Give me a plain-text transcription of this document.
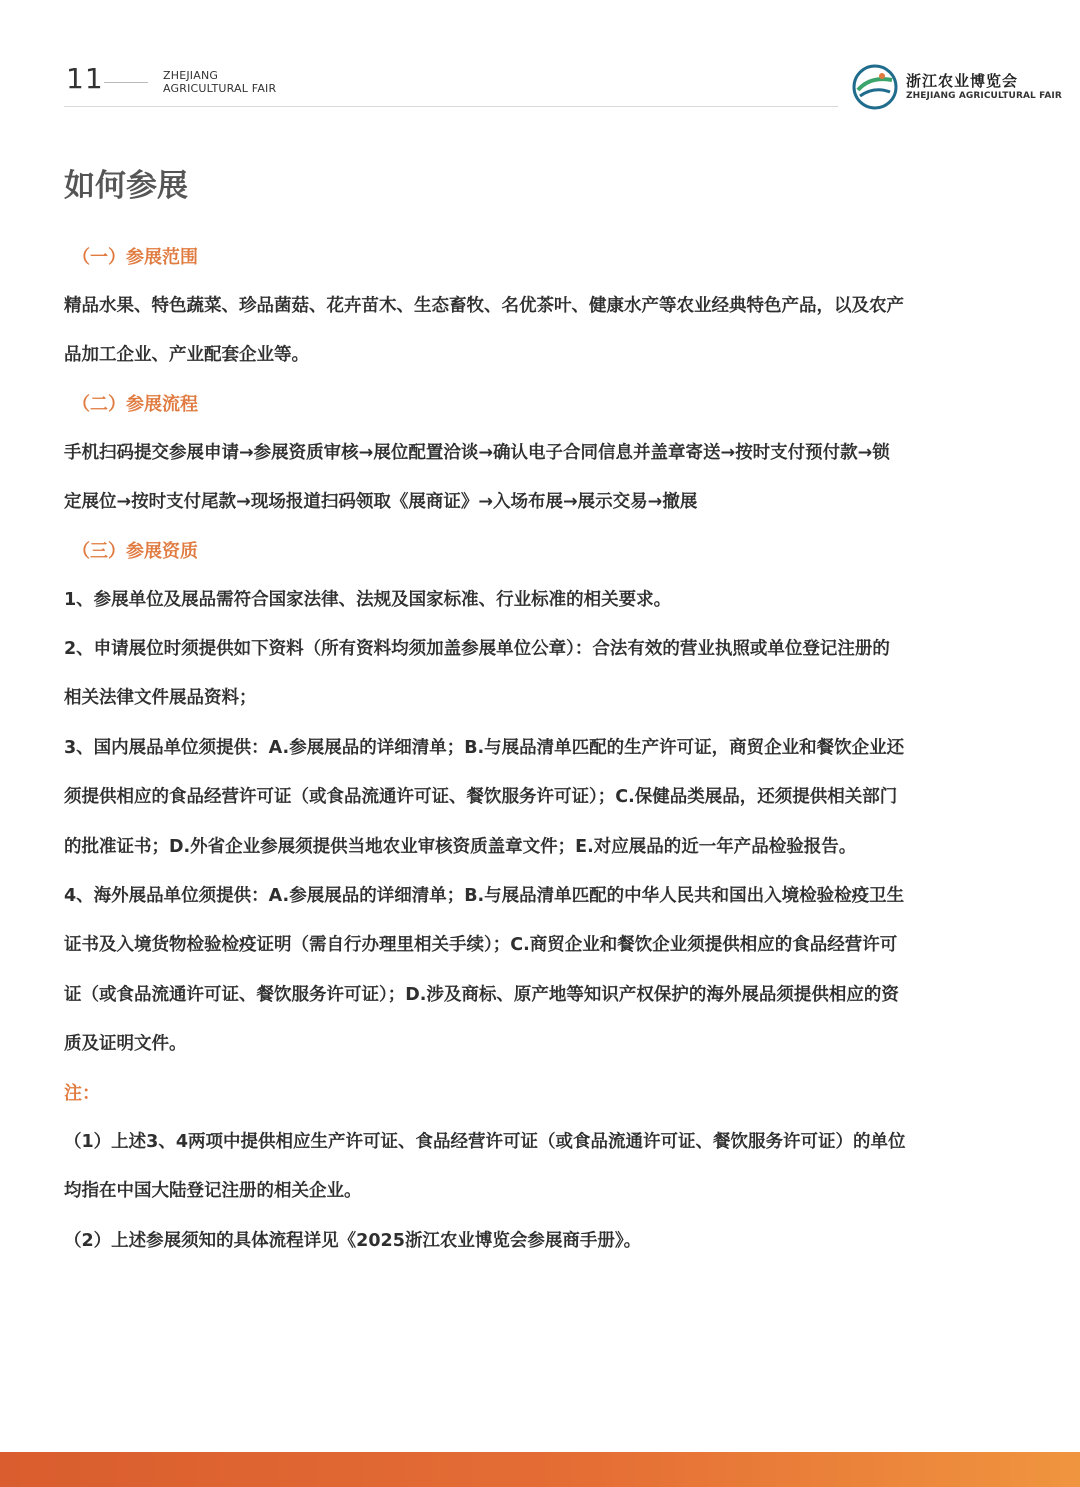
11	ZHEJIANG
AGRICULTURAL FAIR	浙江农业博览会
ZHEJIANG AGRICULTURAL FAIR
如何参展
（一）参展范围
精品水果、特色蔬菜、珍品菌菇、花卉苗木、生态畜牧、名优茶叶、健康水产等农业经典特色产品，以及农产
品加工企业、产业配套企业等。
（二）参展流程
手机扫码提交参展申请→参展资质审核→展位配置洽谈→确认电子合同信息并盖章寄送→按时支付预付款→锁
定展位→按时支付尾款→现场报道扫码领取《展商证》→入场布展→展示交易→撤展
（三）参展资质
1、参展单位及展品需符合国家法律、法规及国家标准、行业标准的相关要求。
2、申请展位时须提供如下资料（所有资料均须加盖参展单位公章）：合法有效的营业执照或单位登记注册的
相关法律文件展品资料；
3、国内展品单位须提供：A.参展展品的详细清单；B.与展品清单匹配的生产许可证，商贸企业和餐饮企业还
须提供相应的食品经营许可证（或食品流通许可证、餐饮服务许可证）；C.保健品类展品，还须提供相关部门
的批准证书；D.外省企业参展须提供当地农业审核资质盖章文件；E.对应展品的近一年产品检验报告。
4、海外展品单位须提供：A.参展展品的详细清单；B.与展品清单匹配的中华人民共和国出入境检验检疫卫生
证书及入境货物检验检疫证明（需自行办理里相关手续）；C.商贸企业和餐饮企业须提供相应的食品经营许可
证（或食品流通许可证、餐饮服务许可证）；D.涉及商标、原产地等知识产权保护的海外展品须提供相应的资
质及证明文件。
注：
（1）上述3、4两项中提供相应生产许可证、食品经营许可证（或食品流通许可证、餐饮服务许可证）的单位
均指在中国大陆登记注册的相关企业。
（2）上述参展须知的具体流程详见《2025浙江农业博览会参展商手册》。
